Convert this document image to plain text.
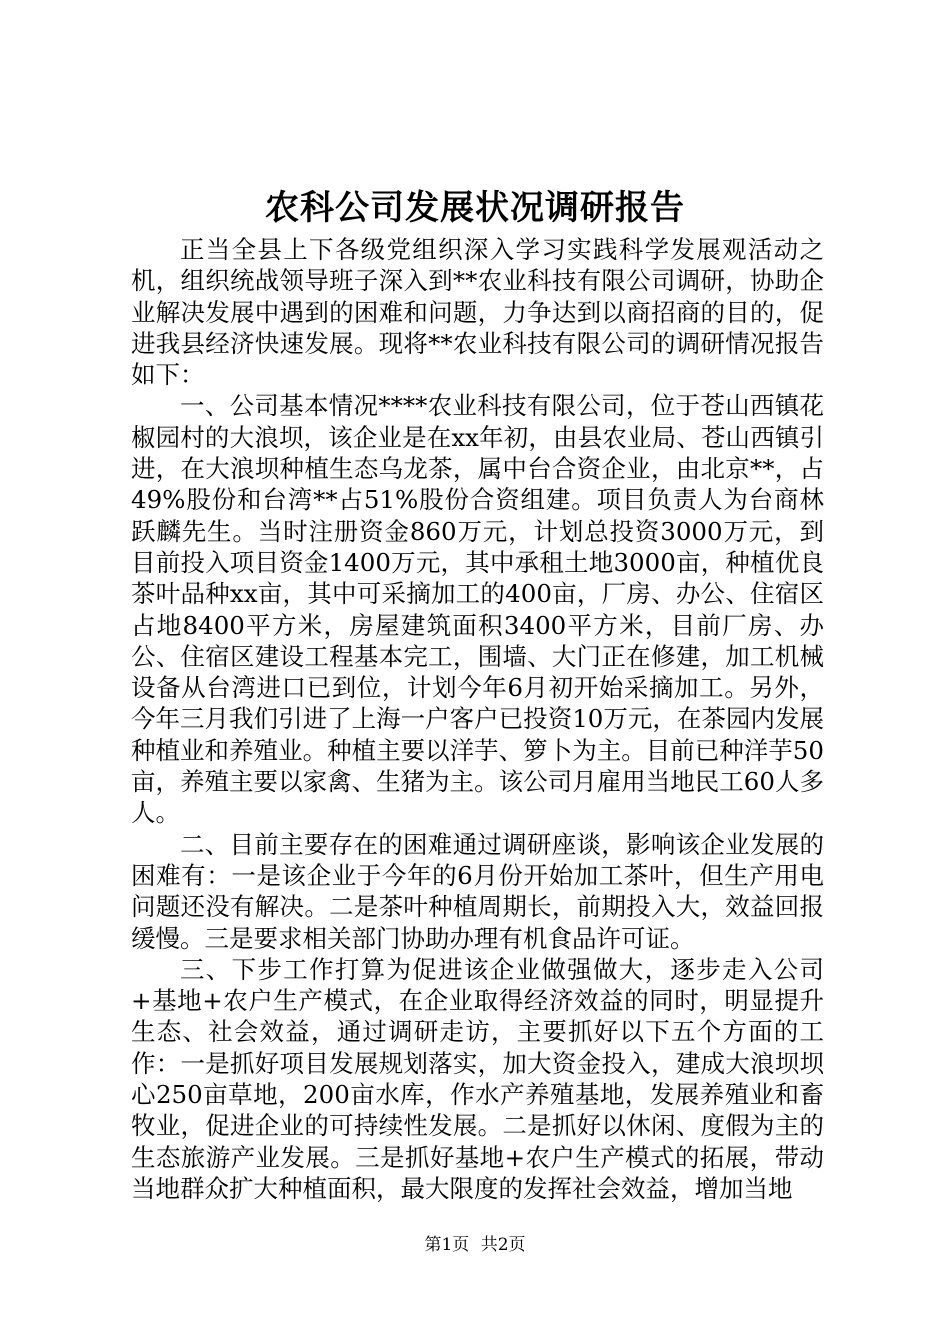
农科公司发展状况调研报告

正当全县上下各级党组织深入学习实践科学发展观活动之机，组织统战领导班子深入到**农业科技有限公司调研，协助企业解决发展中遇到的困难和问题，力争达到以商招商的目的，促进我县经济快速发展。现将**农业科技有限公司的调研情况报告如下：

一、公司基本情况****农业科技有限公司，位于苍山西镇花椒园村的大浪坝，该企业是在xx年初，由县农业局、苍山西镇引进，在大浪坝种植生态乌龙茶，属中台合资企业，由北京**，占49%股份和台湾**占51%股份合资组建。项目负责人为台商林跃麟先生。当时注册资金860万元，计划总投资3000万元，到目前投入项目资金1400万元，其中承租土地3000亩，种植优良茶叶品种xx亩，其中可采摘加工的400亩，厂房、办公、住宿区占地8400平方米，房屋建筑面积3400平方米，目前厂房、办公、住宿区建设工程基本完工，围墙、大门正在修建，加工机械设备从台湾进口已到位，计划今年6月初开始采摘加工。另外，今年三月我们引进了上海一户客户已投资10万元，在茶园内发展种植业和养殖业。种植主要以洋芋、箩卜为主。目前已种洋芋50亩，养殖主要以家禽、生猪为主。该公司月雇用当地民工60人多人。

二、目前主要存在的困难通过调研座谈，影响该企业发展的困难有：一是该企业于今年的6月份开始加工茶叶，但生产用电问题还没有解决。二是茶叶种植周期长，前期投入大，效益回报缓慢。三是要求相关部门协助办理有机食品许可证。

三、下步工作打算为促进该企业做强做大，逐步走入公司+基地+农户生产模式，在企业取得经济效益的同时，明显提升生态、社会效益，通过调研走访，主要抓好以下五个方面的工作：一是抓好项目发展规划落实，加大资金投入，建成大浪坝坝心250亩草地，200亩水库，作水产养殖基地，发展养殖业和畜牧业，促进企业的可持续性发展。二是抓好以休闲、度假为主的生态旅游产业发展。三是抓好基地+农户生产模式的拓展，带动当地群众扩大种植面积，最大限度的发挥社会效益，增加当地

第1页 共2页
